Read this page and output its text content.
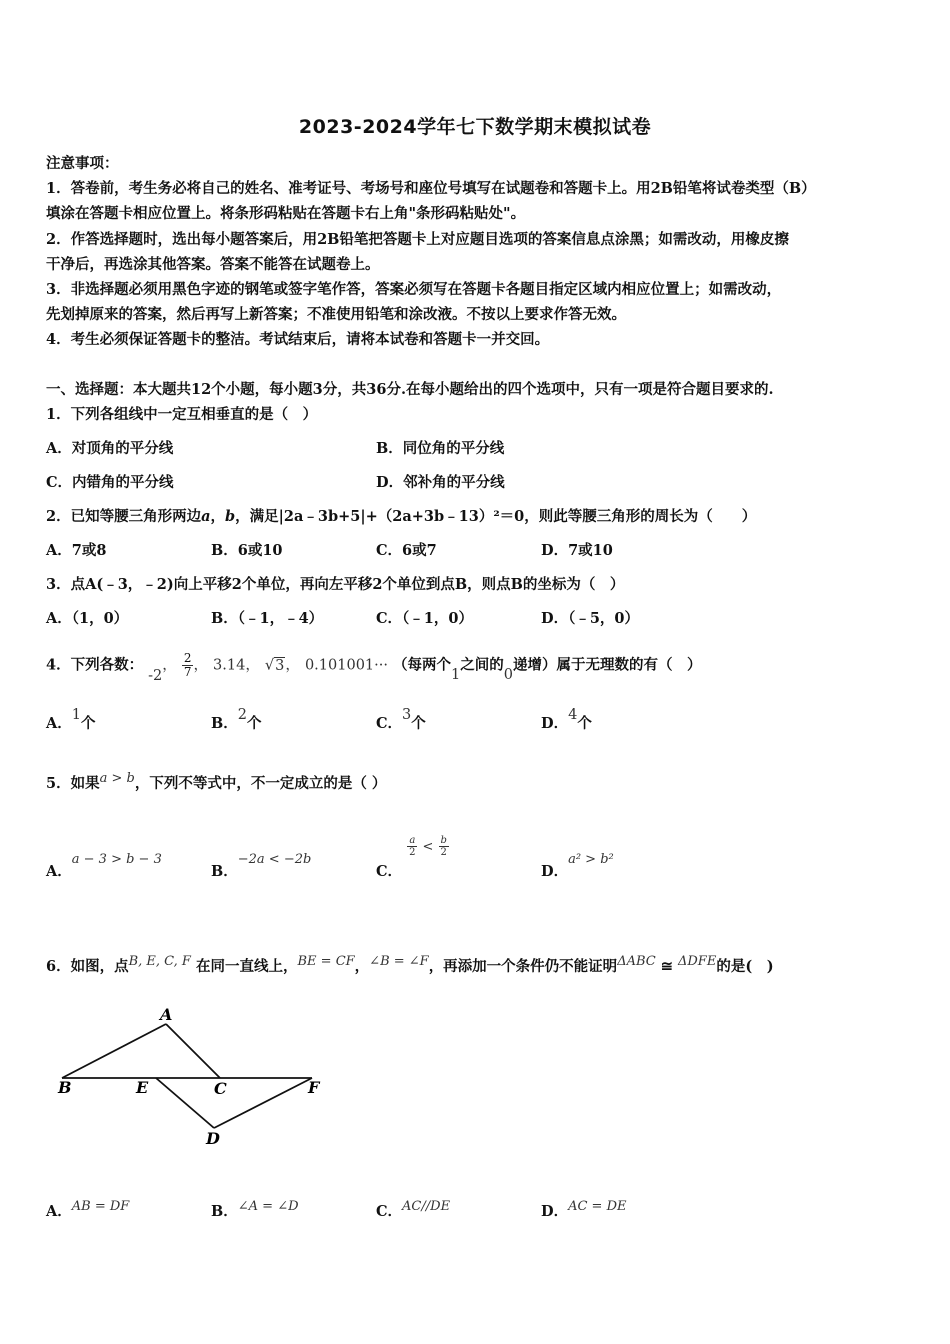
2023-2024学年七下数学期末模拟试卷
注意事项：
1．答卷前，考生务必将自己的姓名、准考证号、考场号和座位号填写在试题卷和答题卡上。用2B铅笔将试卷类型（B）
填涂在答题卡相应位置上。将条形码粘贴在答题卡右上角"条形码粘贴处"。
2．作答选择题时，选出每小题答案后，用2B铅笔把答题卡上对应题目选项的答案信息点涂黑；如需改动，用橡皮擦
干净后，再选涂其他答案。答案不能答在试题卷上。
3．非选择题必须用黑色字迹的钢笔或签字笔作答，答案必须写在答题卡各题目指定区域内相应位置上；如需改动，
先划掉原来的答案，然后再写上新答案；不准使用铅笔和涂改液。不按以上要求作答无效。
4．考生必须保证答题卡的整洁。考试结束后，请将本试卷和答题卡一并交回。
一、选择题：本大题共12个小题，每小题3分，共36分.在每小题给出的四个选项中，只有一项是符合题目要求的.
1．下列各组线中一定互相垂直的是（　）
A．对顶角的平分线	B．同位角的平分线
C．内错角的平分线	D．邻补角的平分线
2．已知等腰三角形两边a，b，满足|2a﹣3b+5|+（2a+3b﹣13）²＝0，则此等腰三角形的周长为（　　）
A．7或8	B．6或10	C．6或7	D．7或10
3．点A(﹣3，﹣2)向上平移2个单位，再向左平移2个单位到点B，则点B的坐标为（　）
A．（1，0）	B．（﹣1，﹣4）	C．（﹣1，0）	D．（﹣5，0）
4．下列各数： -2， $\frac{2}{7}$ ， 3.14， √3， 0.101001··· （每两个1之间的0递增）属于无理数的有（　）
A．1个	B．2个	C．3个	D．4个
5．如果a > b，下列不等式中，不一定成立的是（ ）
A．a − 3 > b − 3
B．−2a < −2b
C．
$\frac{a}{2} < \frac{b}{2}$
D．a² > b²
6．如图，点B, E, C, F 在同一直线上，BE = CF，∠B = ∠F，再添加一个条件仍不能证明ΔABC ≅ ΔDFE的是(　)
A
B	E	C	F
D
A．AB = DF	B．∠A = ∠D	C．AC//DE	D．AC = DE
